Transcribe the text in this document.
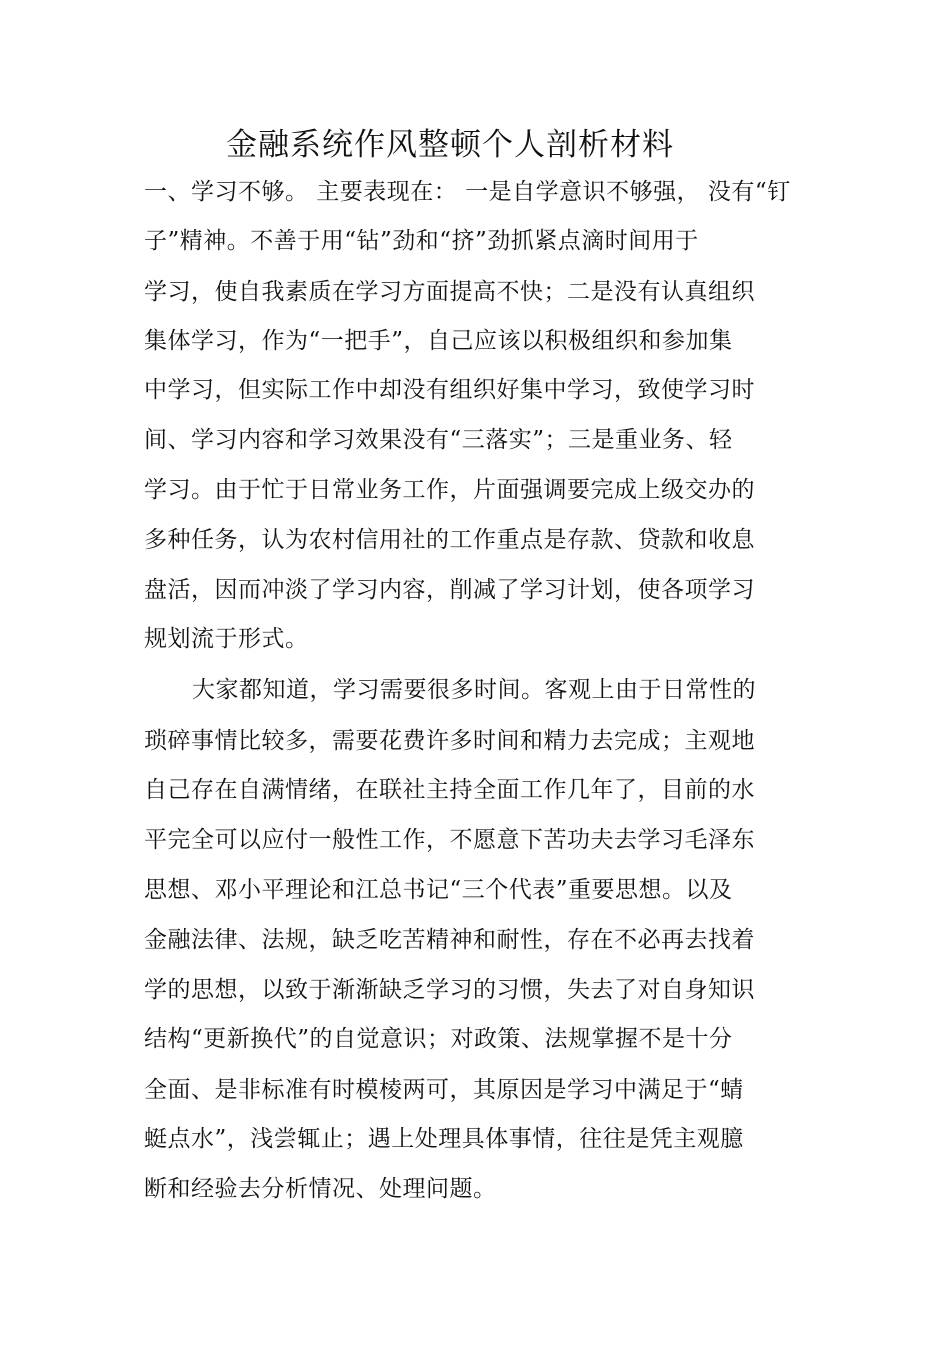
金融系统作风整顿个人剖析材料
一、学习不够。 主要表现在： 一是自学意识不够强， 没有“钉
子”精神。不善于用“钻”劲和“挤”劲抓紧点滴时间用于
学习，使自我素质在学习方面提高不快；二是没有认真组织
集体学习，作为“一把手”，自己应该以积极组织和参加集
中学习，但实际工作中却没有组织好集中学习，致使学习时
间、学习内容和学习效果没有“三落实”；三是重业务、轻
学习。由于忙于日常业务工作，片面强调要完成上级交办的
多种任务，认为农村信用社的工作重点是存款、贷款和收息
盘活，因而冲淡了学习内容，削减了学习计划，使各项学习
规划流于形式。
大家都知道，学习需要很多时间。客观上由于日常性的
琐碎事情比较多，需要花费许多时间和精力去完成；主观地
自己存在自满情绪，在联社主持全面工作几年了，目前的水
平完全可以应付一般性工作，不愿意下苦功夫去学习毛泽东
思想、邓小平理论和江总书记“三个代表”重要思想。以及
金融法律、法规，缺乏吃苦精神和耐性，存在不必再去找着
学的思想，以致于渐渐缺乏学习的习惯，失去了对自身知识
结构“更新换代”的自觉意识；对政策、法规掌握不是十分
全面、是非标准有时模棱两可，其原因是学习中满足于“蜻
蜓点水”，浅尝辄止；遇上处理具体事情，往往是凭主观臆
断和经验去分析情况、处理问题。
